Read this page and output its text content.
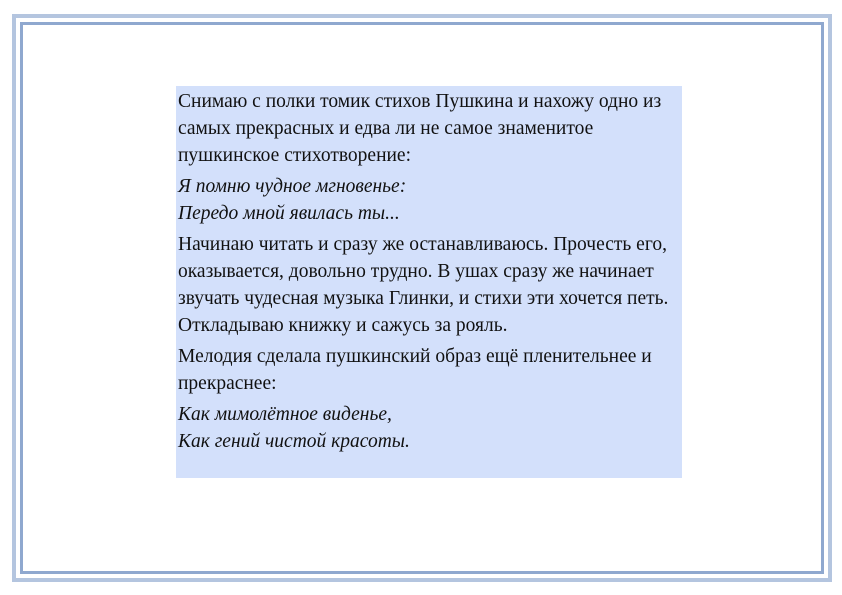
Снимаю с полки томик стихов Пушкина и нахожу одно из самых прекрасных и едва ли не самое знаменитое пушкинское стихотворение:

Я помню чудное мгновенье:
Передо мной явилась ты...

Начинаю читать и сразу же останавливаюсь. Прочесть его, оказывается, довольно трудно. В ушах сразу же начинает звучать чудесная музыка Глинки, и стихи эти хочется петь. Откладываю книжку и сажусь за рояль.

Мелодия сделала пушкинский образ ещё пленительнее и прекраснее:

Как мимолётное виденье,
Как гений чистой красоты.
